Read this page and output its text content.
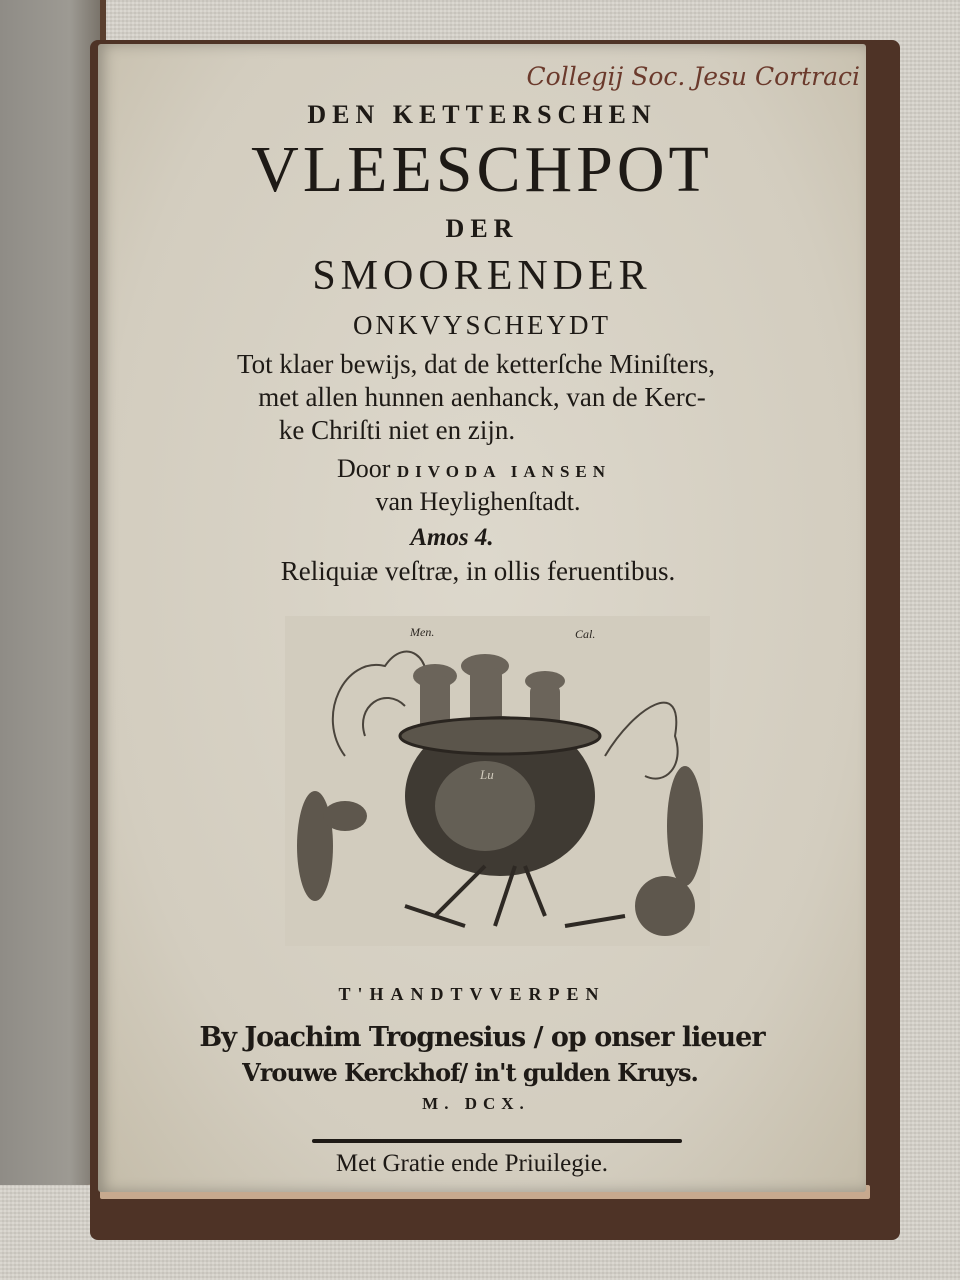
Collegij Soc. Jesu Cortraci
DEN KETTERSCHEN
VLEESCHPOT
DER
SMOORENDER
ONKVYSCHEYDT
Tot klaer bewijs, dat de ketterſche Miniſters,
met allen hunnen aenhanck, van de Kerc-
ke Chriſti niet en zijn.
Door DIVODA IANSEN
van Heylighenſtadt.
Amos 4.
Reliquiæ veſtræ, in ollis feruentibus.
Men.	Cal.
Lu
T'HANDTVVERPEN
By Joachim Trognesius / op onser lieuer
Vrouwe Kerckhof/ in't gulden Kruys.
M. DCX.
Met Gratie ende Priuilegie.
